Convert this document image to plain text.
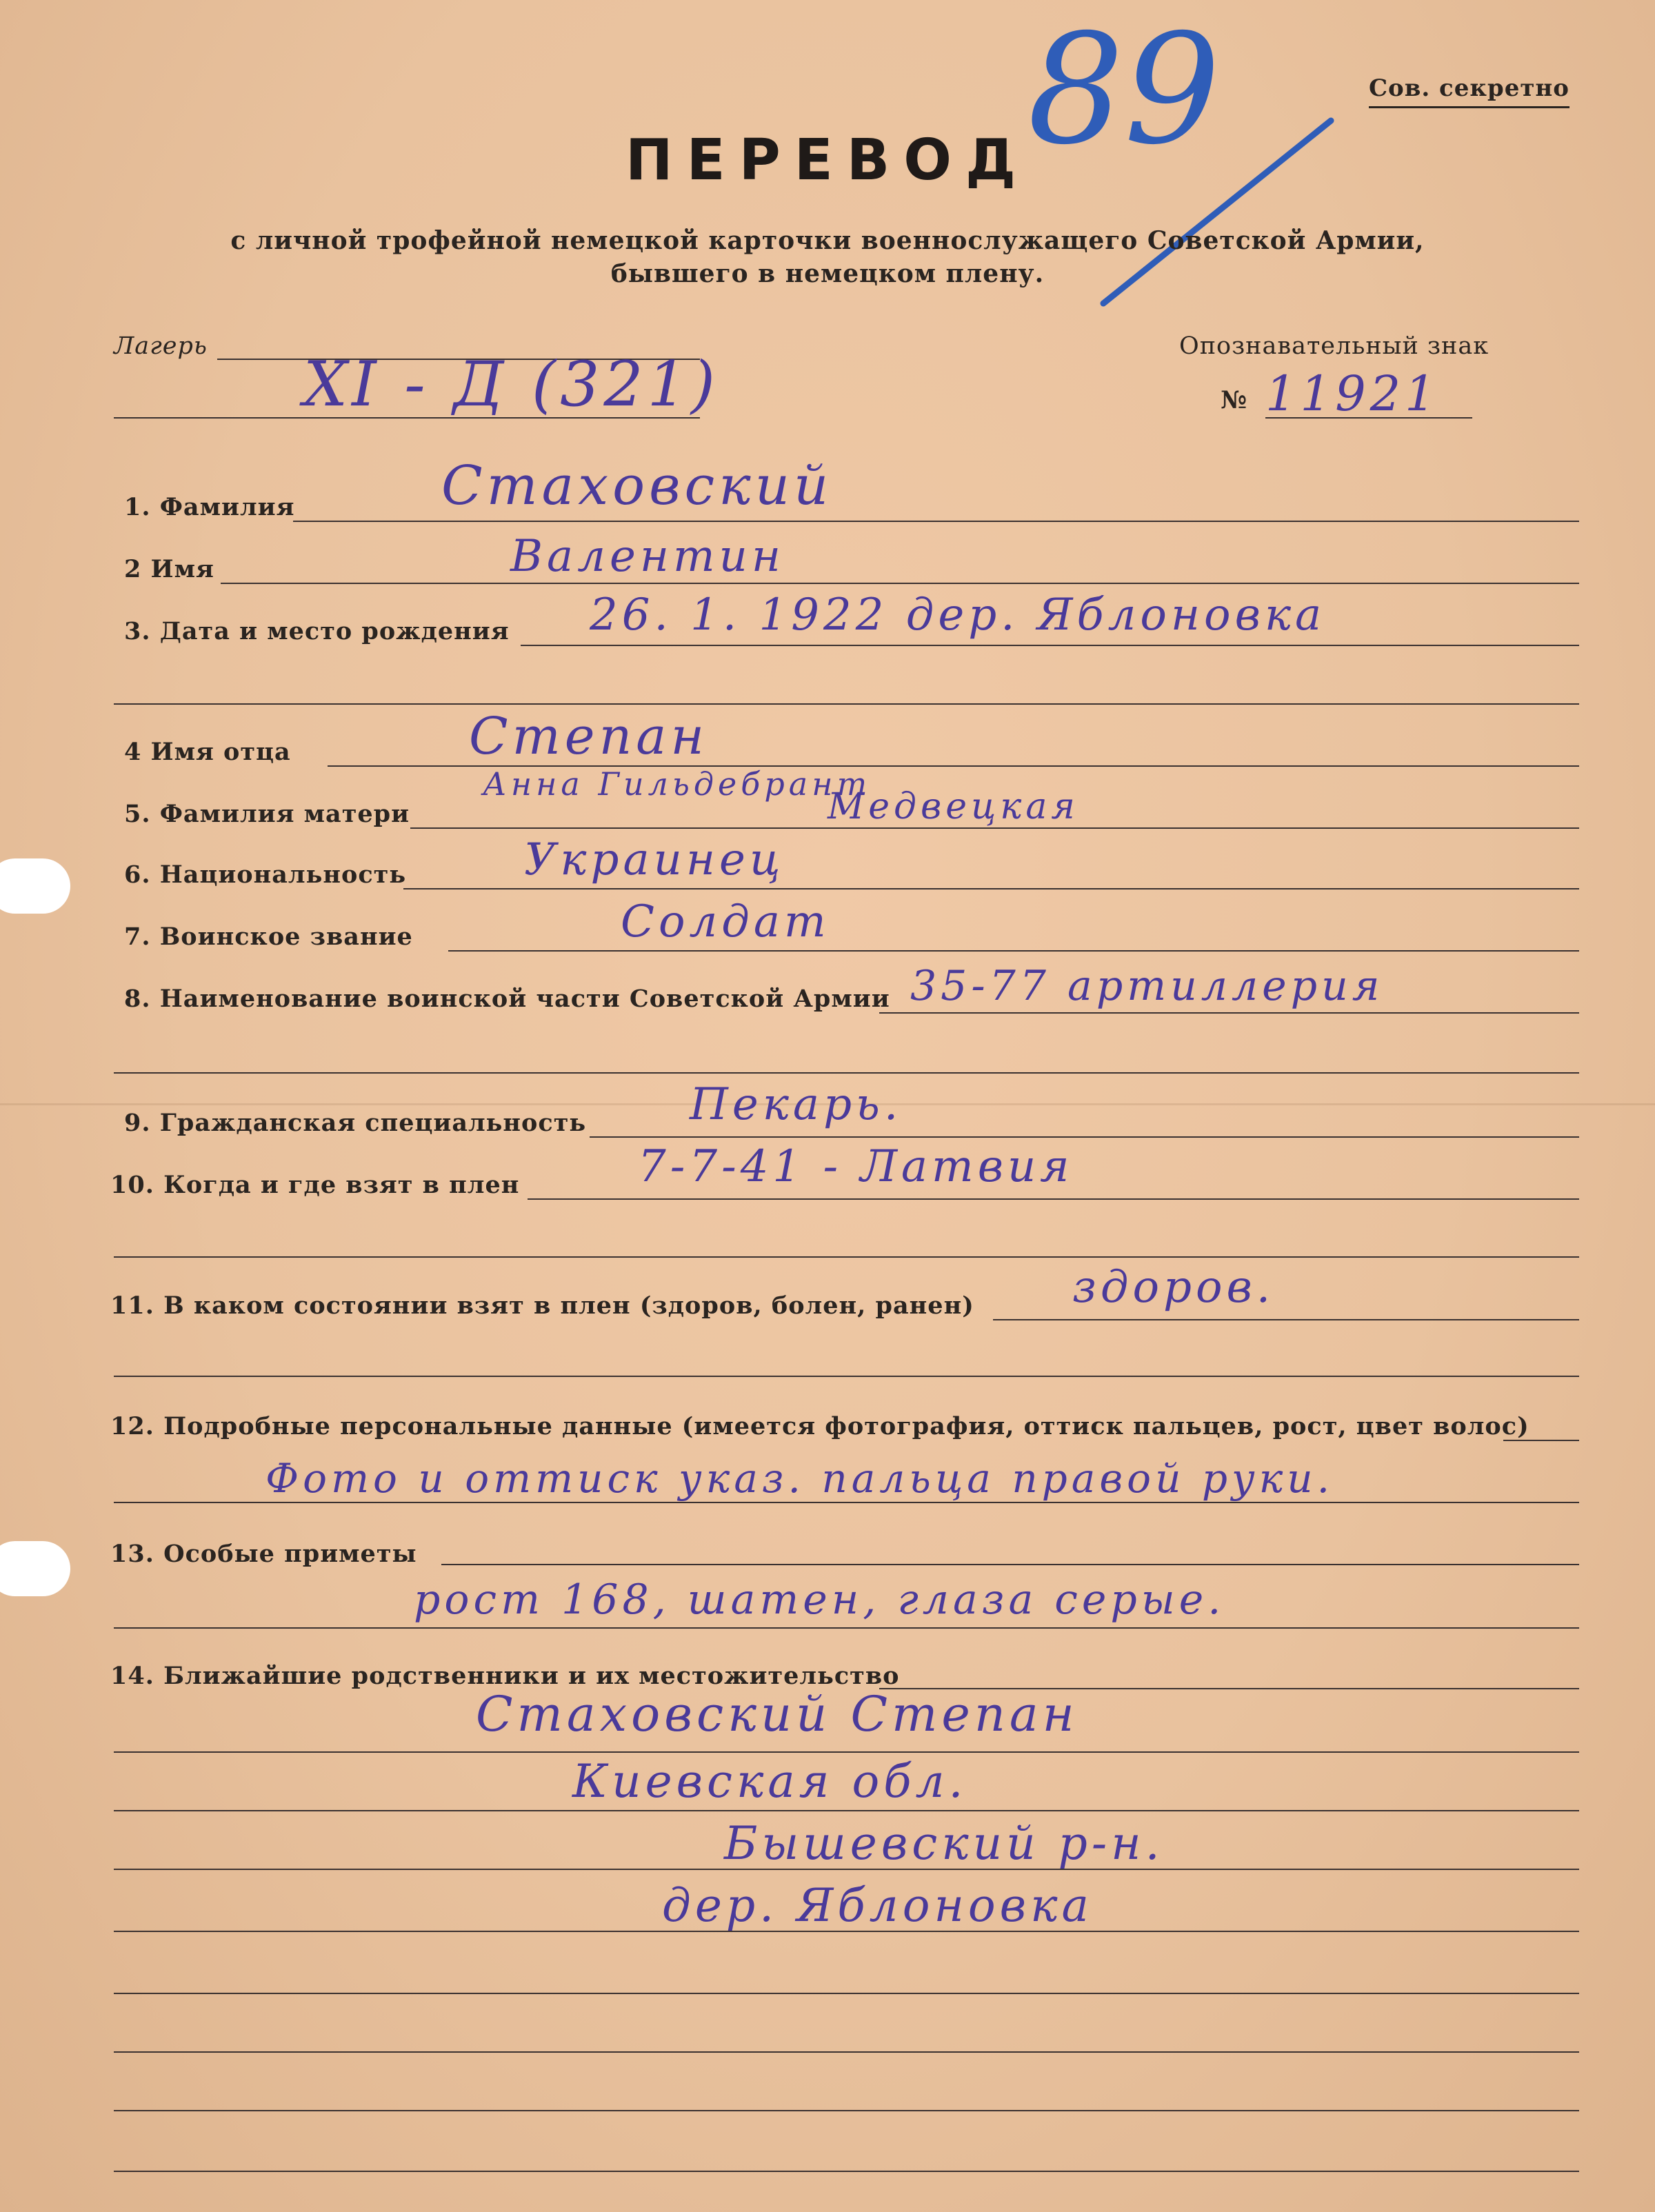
Сов. секретно
89
ПЕРЕВОД
с личной трофейной немецкой карточки военнослужащего Советской Армии,
бывшего в немецком плену.
Лагерь
XI - Д (321)
Опознавательный знак
№ 11921
1. Фамилия	Стаховский
2 Имя	Валентин
3. Дата и место рождения 26. 1. 1922 дер. Яблоновка
4 Имя отца	Степан
5. Фамилия матери
Анна Гильдебрант
Медвецкая
6. Национальность	Украинец
7. Воинское звание	Солдат
8. Наименование воинской части Советской Армии 35-77 артиллерия
9. Гражданская специальность Пекарь.
10. Когда и где взят в плен	7-7-41 - Латвия
11. В каком состоянии взят в плен (здоров, болен, ранен) здоров.
12. Подробные персональные данные (имеется фотография, оттиск пальцев, рост, цвет волос)
Фото и оттиск указ. пальца правой руки.
13. Особые приметы
рост 168, шатен, глаза серые.
14. Ближайшие родственники и их местожительство
Стаховский Степан
Киевская обл.
Бышевский р-н.
дер. Яблоновка
